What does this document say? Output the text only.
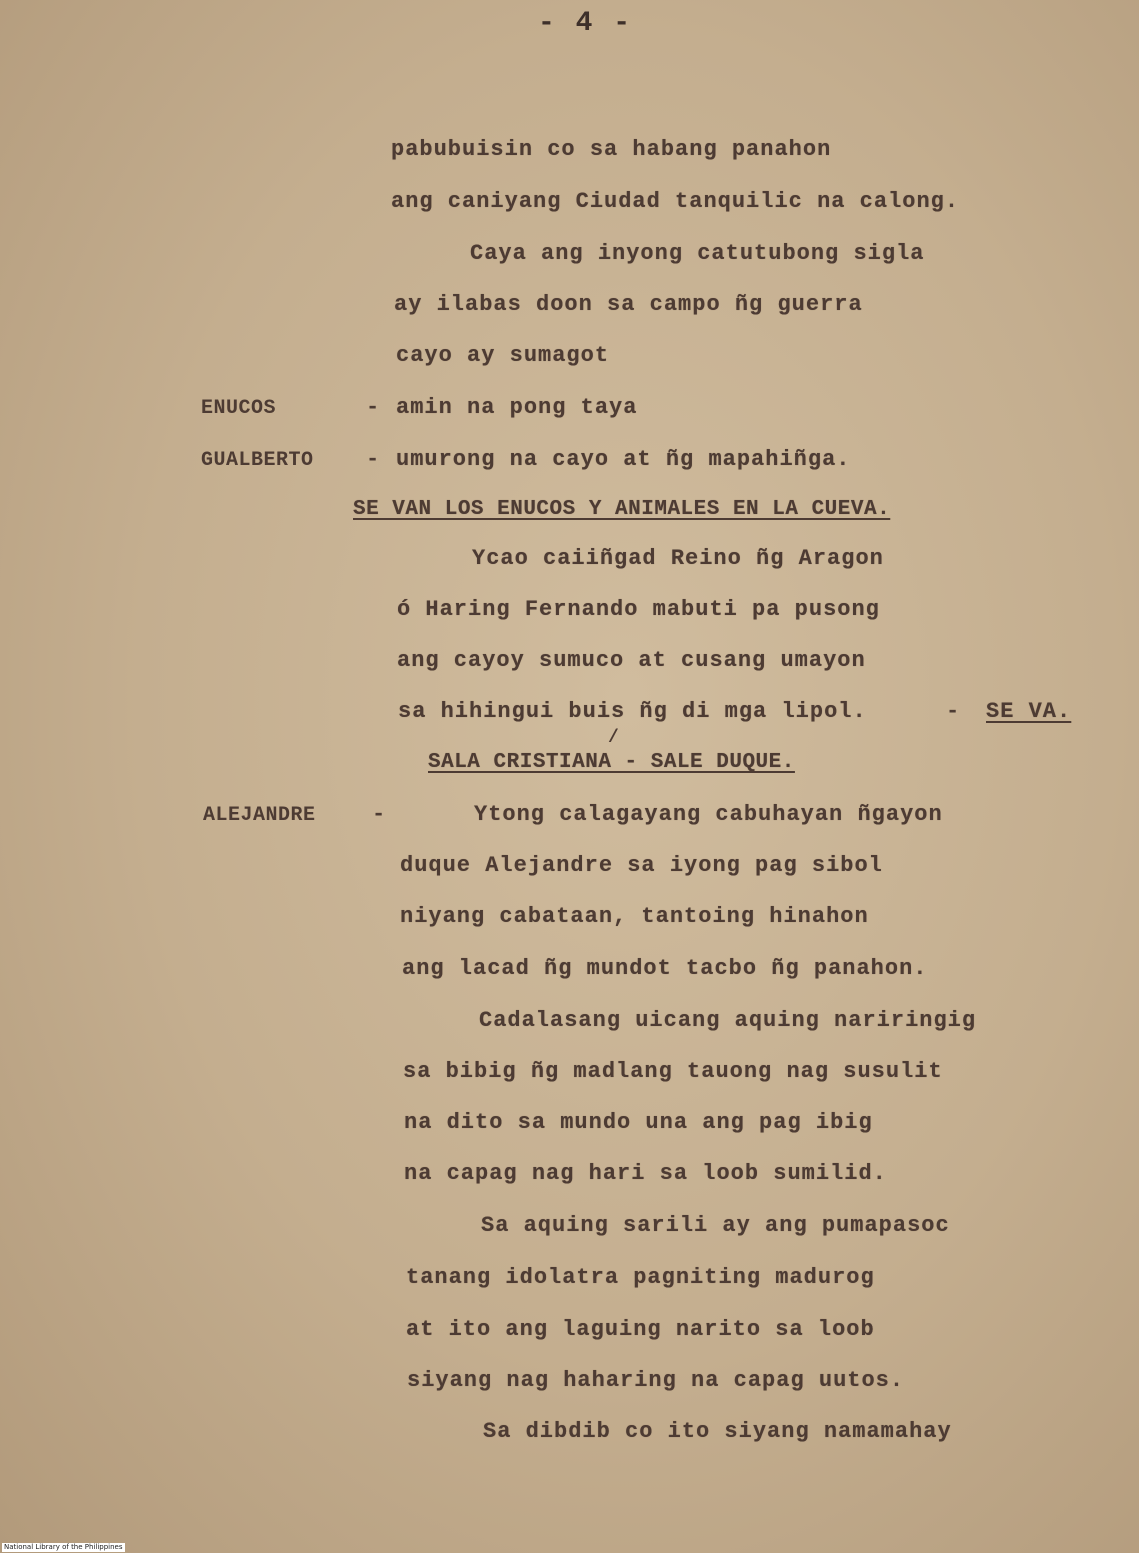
- 4 -
pabubuisin co sa habang panahon
ang caniyang Ciudad tanquilic na calong.
Caya ang inyong catutubong sigla
ay ilabas doon sa campo ñg guerra
cayo ay sumagot
ENUCOS	- amin na pong taya
GUALBERTO - umurong na cayo at ñg mapahiñga.
SE VAN LOS ENUCOS Y ANIMALES EN LA CUEVA.
Ycao caiiñgad Reino ñg Aragon
ó Haring Fernando mabuti pa pusong
ang cayoy sumuco at cusang umayon
sa hihingui buis ñg di mga lipol.	- SE VA.
/
SALA CRISTIANA - SALE DUQUE.
ALEJANDRE	-	Ytong calagayang cabuhayan ñgayon
duque Alejandre sa iyong pag sibol
niyang cabataan, tantoing hinahon
ang lacad ñg mundot tacbo ñg panahon.
Cadalasang uicang aquing nariringig
sa bibig ñg madlang tauong nag susulit
na dito sa mundo una ang pag ibig
na capag nag hari sa loob sumilid.
Sa aquing sarili ay ang pumapasoc
tanang idolatra pagniting madurog
at ito ang laguing narito sa loob
siyang nag haharing na capag uutos.
Sa dibdib co ito siyang namamahay
National Library of the Philippines
